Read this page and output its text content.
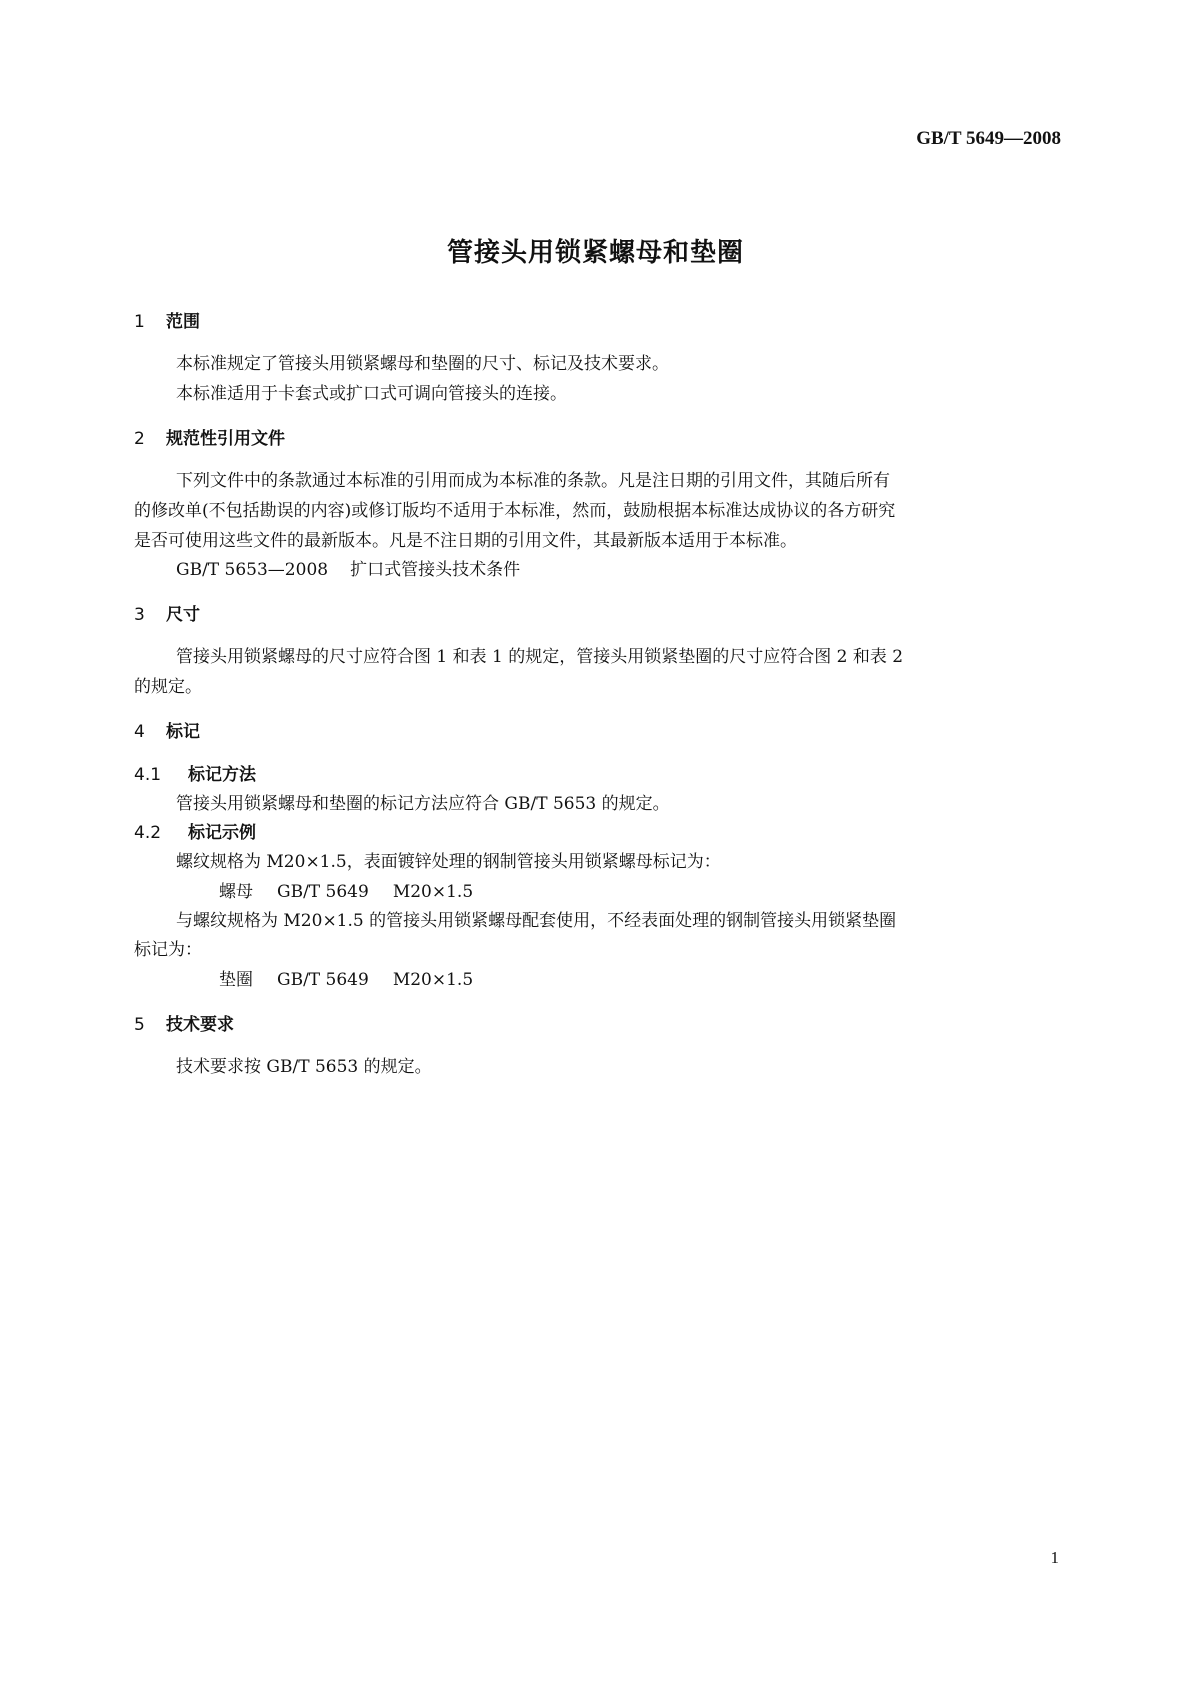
GB/T 5649—2008
管接头用锁紧螺母和垫圈
1 范围
本标准规定了管接头用锁紧螺母和垫圈的尺寸、标记及技术要求。
本标准适用于卡套式或扩口式可调向管接头的连接。
2 规范性引用文件
下列文件中的条款通过本标准的引用而成为本标准的条款。凡是注日期的引用文件，其随后所有
的修改单(不包括勘误的内容)或修订版均不适用于本标准，然而，鼓励根据本标准达成协议的各方研究
是否可使用这些文件的最新版本。凡是不注日期的引用文件，其最新版本适用于本标准。
GB/T 5653—2008 扩口式管接头技术条件
3 尺寸
管接头用锁紧螺母的尺寸应符合图 1 和表 1 的规定，管接头用锁紧垫圈的尺寸应符合图 2 和表 2
的规定。
4 标记
4.1 标记方法
管接头用锁紧螺母和垫圈的标记方法应符合 GB/T 5653 的规定。
4.2 标记示例
螺纹规格为 M20×1.5，表面镀锌处理的钢制管接头用锁紧螺母标记为：
螺母 GB/T 5649 M20×1.5
与螺纹规格为 M20×1.5 的管接头用锁紧螺母配套使用，不经表面处理的钢制管接头用锁紧垫圈
标记为：
垫圈 GB/T 5649 M20×1.5
5 技术要求
技术要求按 GB/T 5653 的规定。
1
